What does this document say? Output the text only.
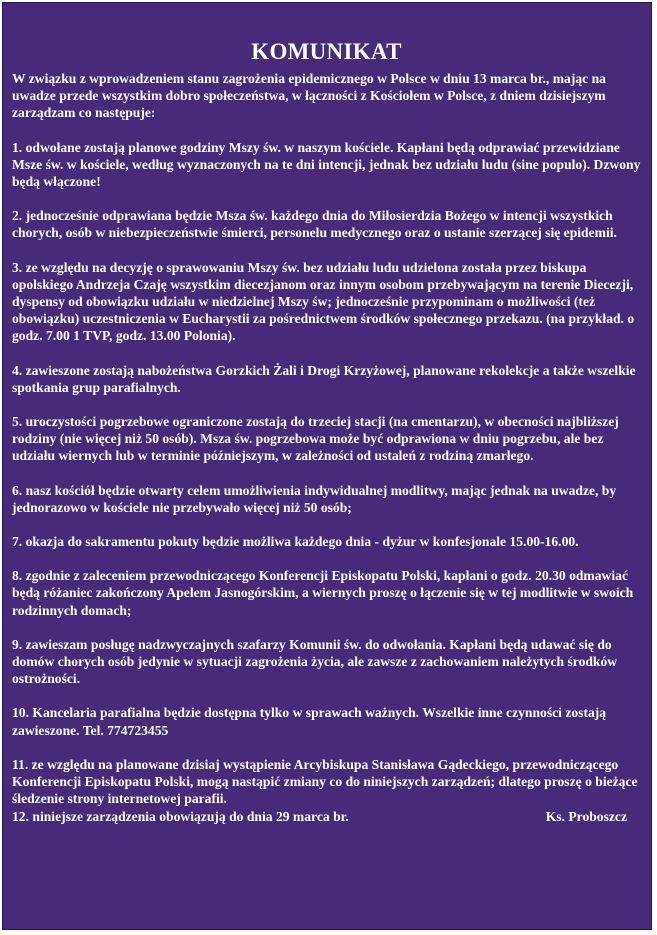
KOMUNIKAT
W związku z wprowadzeniem stanu zagrożenia epidemicznego w Polsce w dniu 13 marca br., mając na uwadze przede wszystkim dobro społeczeństwa, w łączności z Kościołem w Polsce, z dniem dzisiejszym zarządzam co następuje:
1. odwołane zostają planowe godziny Mszy św. w naszym kościele. Kapłani będą odprawiać przewidziane Msze św. w kościele, według wyznaczonych na te dni intencji, jednak bez udziału ludu (sine populo). Dzwony będą włączone!
2. jednocześnie odprawiana będzie Msza św. każdego dnia do Miłosierdzia Bożego w intencji wszystkich chorych, osób w niebezpieczeństwie śmierci, personelu medycznego oraz o ustanie szerzącej się epidemii.
3. ze względu na decyzję o sprawowaniu Mszy św. bez udziału ludu udzielona została przez biskupa opolskiego Andrzeja Czaję wszystkim diecezjanom oraz innym osobom przebywającym na terenie Diecezji, dyspensy od obowiązku udziału w niedzielnej Mszy św; jednocześnie przypominam o możliwości (też obowiązku) uczestniczenia w Eucharystii za pośrednictwem środków społecznego przekazu. (na przykład. o godz. 7.00 1 TVP, godz. 13.00 Polonia).
4. zawieszone zostają nabożeństwa Gorzkich Żali i Drogi Krzyżowej, planowane rekolekcje a także wszelkie spotkania grup parafialnych.
5. uroczystości pogrzebowe ograniczone zostają do trzeciej stacji (na cmentarzu), w obecności najbliższej rodziny (nie więcej niż 50 osób). Msza św. pogrzebowa może być odprawiona w dniu pogrzebu, ale bez udziału wiernych lub w terminie późniejszym, w zależności od ustaleń z rodziną zmarłego.
6. nasz kościół będzie otwarty celem umożliwienia indywidualnej modlitwy, mając jednak na uwadze, by jednorazowo w kościele nie przebywało więcej niż 50 osób;
7. okazja do sakramentu pokuty będzie możliwa każdego dnia - dyżur w konfesjonale 15.00-16.00.
8. zgodnie z zaleceniem przewodniczącego Konferencji Episkopatu Polski, kapłani o godz. 20.30 odmawiać będą różaniec zakończony Apelem Jasnogórskim, a wiernych proszę o łączenie się w tej modlitwie w swoich rodzinnych domach;
9. zawieszam posługę nadzwyczajnych szafarzy Komunii św. do odwołania. Kapłani będą udawać się do domów chorych osób jedynie w sytuacji zagrożenia życia, ale zawsze z zachowaniem należytych środków ostrożności.
10. Kancelaria parafialna będzie dostępna tylko w sprawach ważnych. Wszelkie inne czynności zostają zawieszone. Tel. 774723455
11. ze względu na planowane dzisiaj wystąpienie Arcybiskupa Stanisława Gądeckiego, przewodniczącego Konferencji Episkopatu Polski, mogą nastąpić zmiany co do niniejszych zarządzeń; dlatego proszę o bieżące śledzenie strony internetowej parafii.
12. niniejsze zarządzenia obowiązują do dnia 29 marca br.	Ks. Proboszcz
